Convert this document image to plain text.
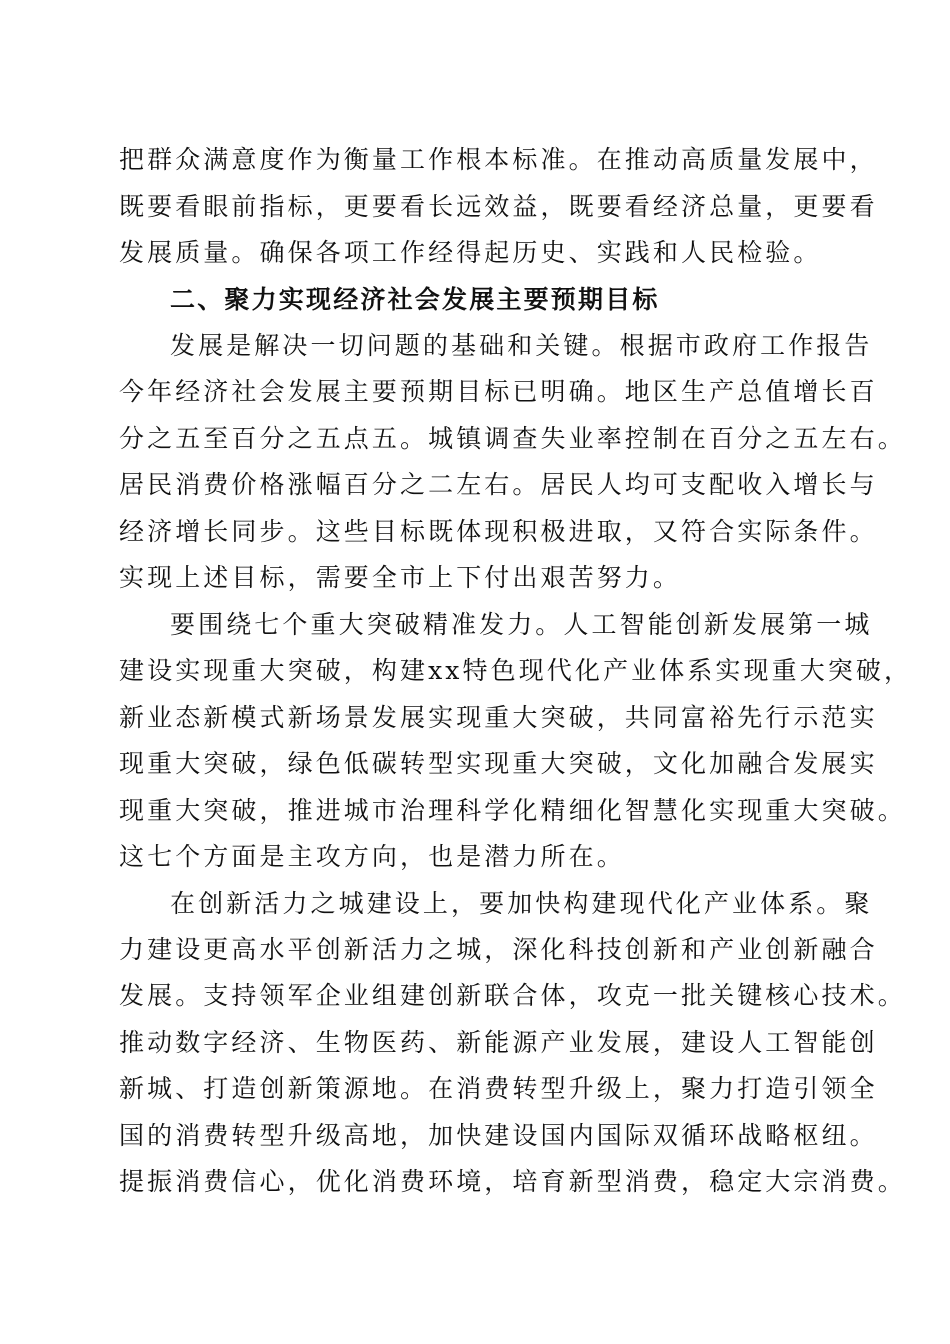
把群众满意度作为衡量工作根本标准。在推动高质量发展中，

既要看眼前指标，更要看长远效益，既要看经济总量，更要看

发展质量。确保各项工作经得起历史、实践和人民检验。

二、聚力实现经济社会发展主要预期目标

发展是解决一切问题的基础和关键。根据市政府工作报告

今年经济社会发展主要预期目标已明确。地区生产总值增长百

分之五至百分之五点五。城镇调查失业率控制在百分之五左右。

居民消费价格涨幅百分之二左右。居民人均可支配收入增长与

经济增长同步。这些目标既体现积极进取，又符合实际条件。

实现上述目标，需要全市上下付出艰苦努力。

要围绕七个重大突破精准发力。人工智能创新发展第一城

建设实现重大突破，构建xx特色现代化产业体系实现重大突破，

新业态新模式新场景发展实现重大突破，共同富裕先行示范实

现重大突破，绿色低碳转型实现重大突破，文化加融合发展实

现重大突破，推进城市治理科学化精细化智慧化实现重大突破。

这七个方面是主攻方向，也是潜力所在。

在创新活力之城建设上，要加快构建现代化产业体系。聚

力建设更高水平创新活力之城，深化科技创新和产业创新融合

发展。支持领军企业组建创新联合体，攻克一批关键核心技术。

推动数字经济、生物医药、新能源产业发展，建设人工智能创

新城、打造创新策源地。在消费转型升级上，聚力打造引领全

国的消费转型升级高地，加快建设国内国际双循环战略枢纽。

提振消费信心，优化消费环境，培育新型消费，稳定大宗消费。
